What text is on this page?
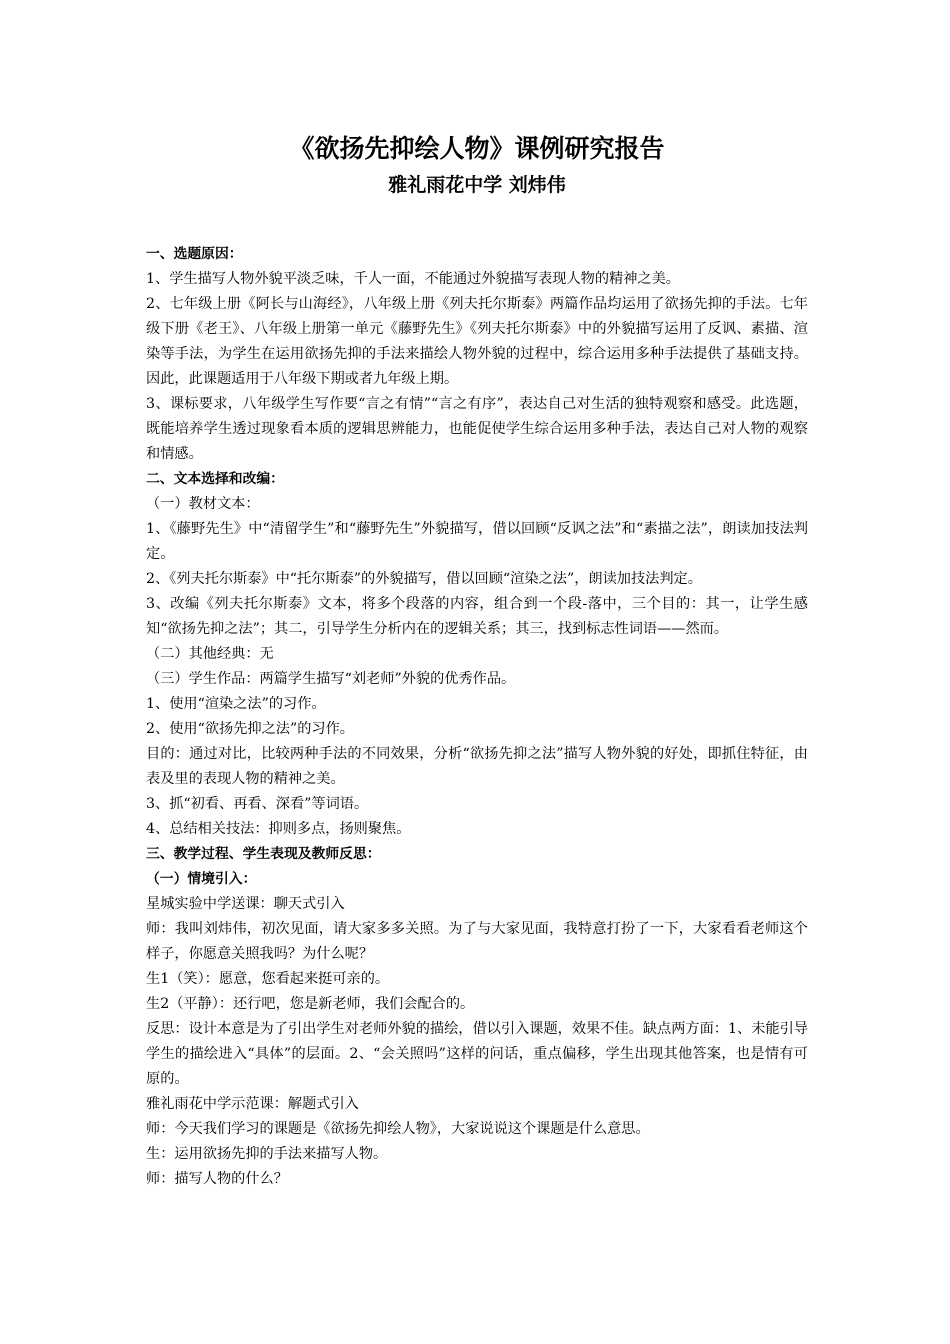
《欲扬先抑绘人物》课例研究报告
雅礼雨花中学 刘炜伟

一、选题原因：

1、学生描写人物外貌平淡乏味，千人一面，不能通过外貌描写表现人物的精神之美。

2、七年级上册《阿长与山海经》，八年级上册《列夫托尔斯泰》两篇作品均运用了欲扬先抑的手法。七年级下册《老王》、八年级上册第一单元《藤野先生》《列夫托尔斯泰》中的外貌描写运用了反讽、素描、渲染等手法，为学生在运用欲扬先抑的手法来描绘人物外貌的过程中，综合运用多种手法提供了基础支持。因此，此课题适用于八年级下期或者九年级上期。

3、课标要求，八年级学生写作要“言之有情”“言之有序”，表达自己对生活的独特观察和感受。此选题，既能培养学生透过现象看本质的逻辑思辨能力，也能促使学生综合运用多种手法，表达自己对人物的观察和情感。

二、文本选择和改编：

（一）教材文本：

1、《藤野先生》中“清留学生”和“藤野先生”外貌描写，借以回顾“反讽之法”和“素描之法”，朗读加技法判定。

2、《列夫托尔斯泰》中“托尔斯泰”的外貌描写，借以回顾“渲染之法”，朗读加技法判定。

3、改编《列夫托尔斯泰》文本，将多个段落的内容，组合到一个段-落中，三个目的：其一，让学生感知“欲扬先抑之法”；其二，引导学生分析内在的逻辑关系；其三，找到标志性词语——然而。

（二）其他经典：无

（三）学生作品：两篇学生描写“刘老师”外貌的优秀作品。

1、使用“渲染之法”的习作。

2、使用“欲扬先抑之法”的习作。

目的：通过对比，比较两种手法的不同效果，分析“欲扬先抑之法”描写人物外貌的好处，即抓住特征，由表及里的表现人物的精神之美。

3、抓“初看、再看、深看”等词语。

4、总结相关技法：抑则多点，扬则聚焦。

三、教学过程、学生表现及教师反思：

（一）情境引入：

星城实验中学送课：聊天式引入

师：我叫刘炜伟，初次见面，请大家多多关照。为了与大家见面，我特意打扮了一下，大家看看老师这个样子，你愿意关照我吗？为什么呢？

生1（笑）：愿意，您看起来挺可亲的。

生2（平静）：还行吧，您是新老师，我们会配合的。

反思：设计本意是为了引出学生对老师外貌的描绘，借以引入课题，效果不佳。缺点两方面：1、未能引导学生的描绘进入“具体”的层面。2、“会关照吗”这样的问话，重点偏移，学生出现其他答案，也是情有可原的。

雅礼雨花中学示范课：解题式引入

师：今天我们学习的课题是《欲扬先抑绘人物》，大家说说这个课题是什么意思。

生：运用欲扬先抑的手法来描写人物。

师：描写人物的什么？
